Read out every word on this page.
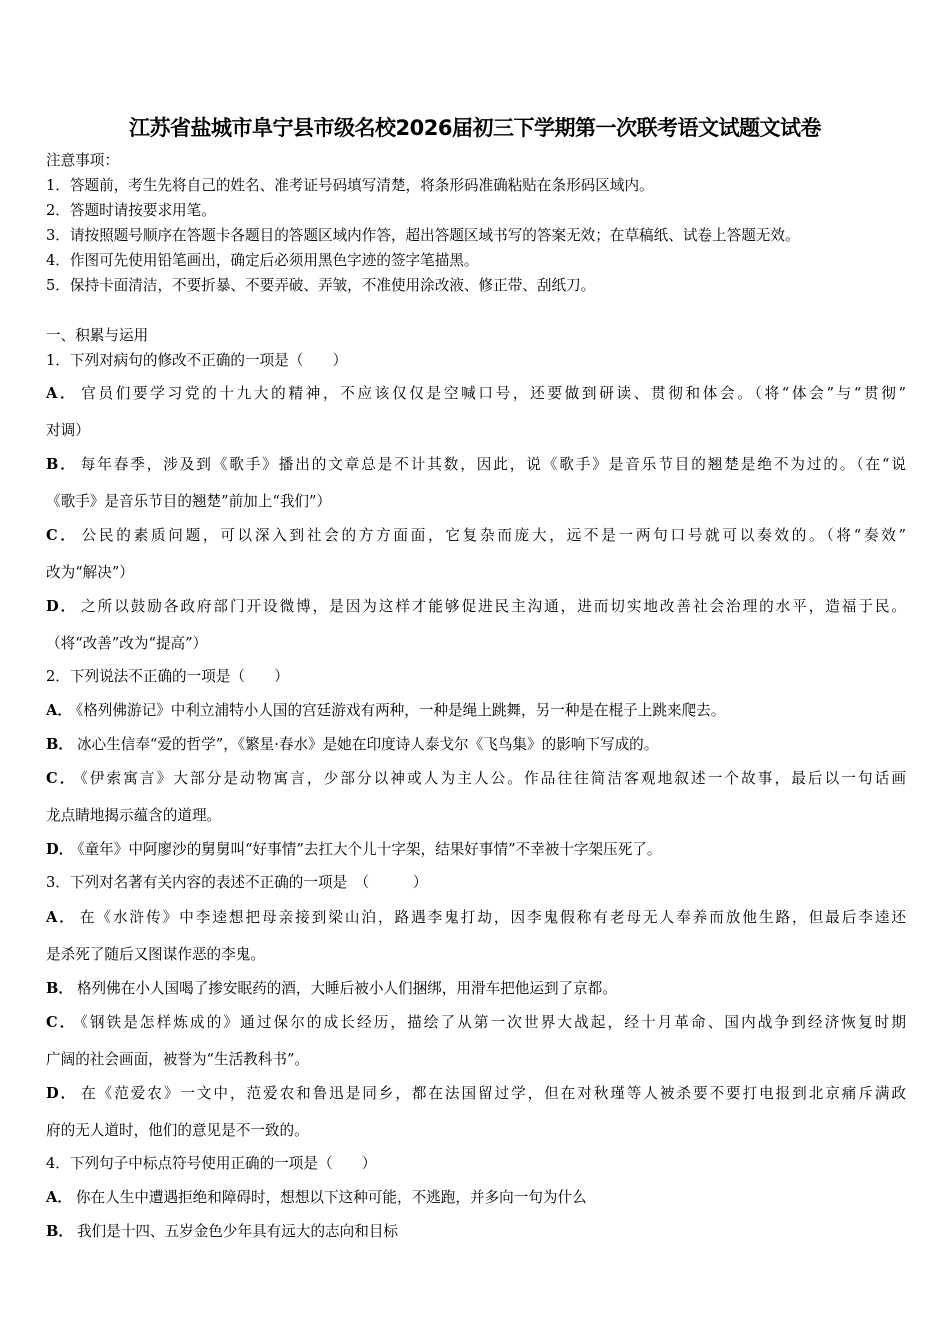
江苏省盐城市阜宁县市级名校2026届初三下学期第一次联考语文试题文试卷
注意事项：
1．答题前，考生先将自己的姓名、准考证号码填写清楚，将条形码准确粘贴在条形码区域内。
2．答题时请按要求用笔。
3．请按照题号顺序在答题卡各题目的答题区域内作答，超出答题区域书写的答案无效；在草稿纸、试卷上答题无效。
4．作图可先使用铅笔画出，确定后必须用黑色字迹的签字笔描黑。
5．保持卡面清洁，不要折暴、不要弄破、弄皱，不准使用涂改液、修正带、刮纸刀。
一、积累与运用
1．下列对病句的修改不正确的一项是（　　）
A． 官员们要学习党的十九大的精神，不应该仅仅是空喊口号，还要做到研读、贯彻和体会。（将“体会”与“贯彻”
对调）
B． 每年春季，涉及到《歌手》播出的文章总是不计其数，因此，说《歌手》是音乐节目的翘楚是绝不为过的。（在“说
《歌手》是音乐节目的翘楚”前加上“我们”）
C． 公民的素质问题，可以深入到社会的方方面面，它复杂而庞大，远不是一两句口号就可以奏效的。（将“奏效”
改为“解决”）
D． 之所以鼓励各政府部门开设微博，是因为这样才能够促进民主沟通，进而切实地改善社会治理的水平，造福于民。
（将“改善”改为“提高”）
2．下列说法不正确的一项是（　　）
A． 《格列佛游记》中利立浦特小人国的宫廷游戏有两种，一种是绳上跳舞，另一种是在棍子上跳来爬去。
B． 冰心生信奉“爱的哲学”，《繁星·春水》是她在印度诗人泰戈尔《飞鸟集》的影响下写成的。
C． 《伊索寓言》大部分是动物寓言，少部分以神或人为主人公。作品往往简洁客观地叙述一个故事，最后以一句话画
龙点睛地揭示蕴含的道理。
D． 《童年》中阿廖沙的舅舅叫“好事情”去扛大个儿十字架，结果好事情”不幸被十字架压死了。
3．下列对名著有关内容的表述不正确的一项是　（　　　）
A． 在《水浒传》中李逵想把母亲接到梁山泊，路遇李鬼打劫，因李鬼假称有老母无人奉养而放他生路，但最后李逵还
是杀死了随后又图谋作恶的李鬼。
B． 格列佛在小人国喝了掺安眠药的酒，大睡后被小人们捆绑，用滑车把他运到了京都。
C． 《钢铁是怎样炼成的》通过保尔的成长经历，描绘了从第一次世界大战起，经十月革命、国内战争到经济恢复时期
广阔的社会画面，被誉为“生活教科书”。
D． 在《范爱农》一文中，范爱农和鲁迅是同乡，都在法国留过学，但在对秋瑾等人被杀要不要打电报到北京痛斥满政
府的无人道时，他们的意见是不一致的。
4．下列句子中标点符号使用正确的一项是（　　）
A． 你在人生中遭遇拒绝和障碍时，想想以下这种可能，不逃跑，并多向一句为什么
B． 我们是十四、五岁金色少年具有远大的志向和目标
